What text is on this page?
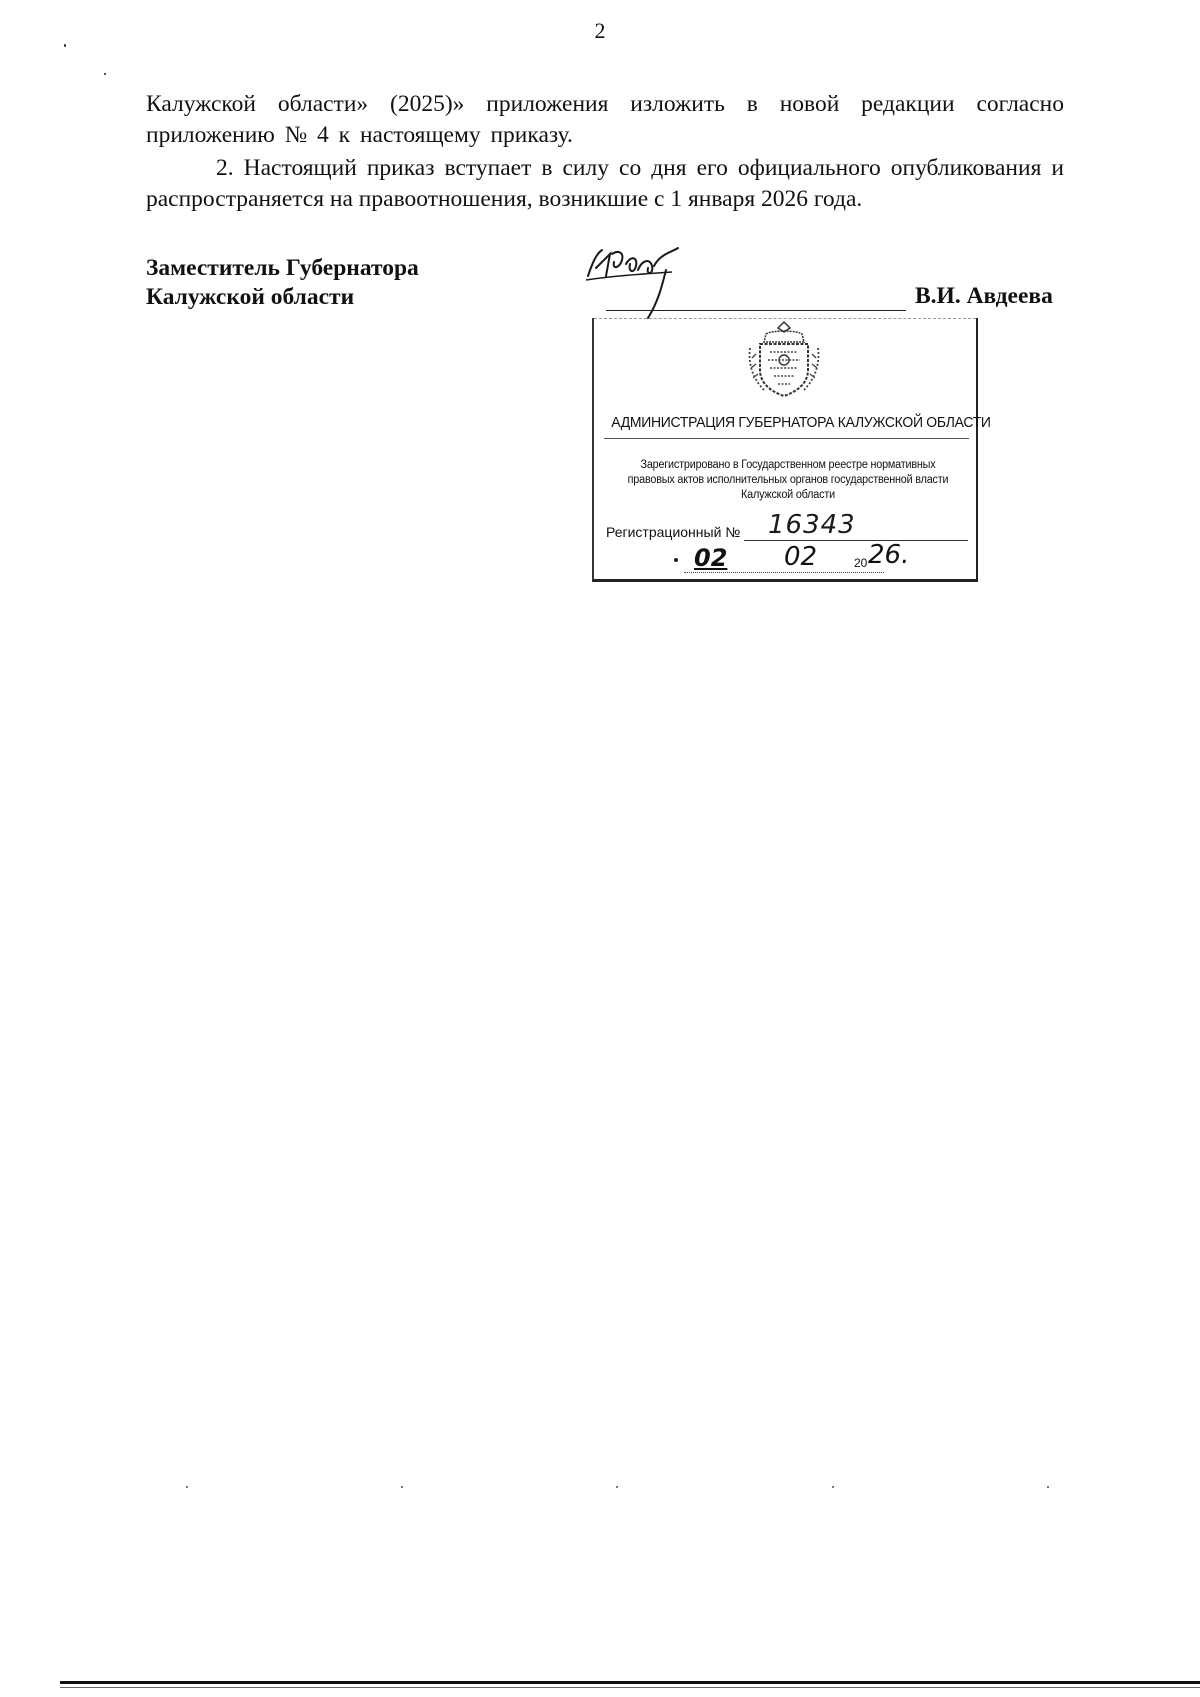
2
Калужской области» (2025)» приложения изложить в новой редакции согласно приложению № 4 к настоящему приказу.
2. Настоящий приказ вступает в силу со дня его официального опубликования и распространяется на правоотношения, возникшие с 1 января 2026 года.
Заместитель Губернатора
Калужской области	В.И. Авдеева
АДМИНИСТРАЦИЯ ГУБЕРНАТОРА КАЛУЖСКОЙ ОБЛАСТИ
Зарегистрировано в Государственном реестре нормативных
правовых актов исполнительных органов государственной власти
Калужской области
Регистрационный № 16343
02 02	20 26.
